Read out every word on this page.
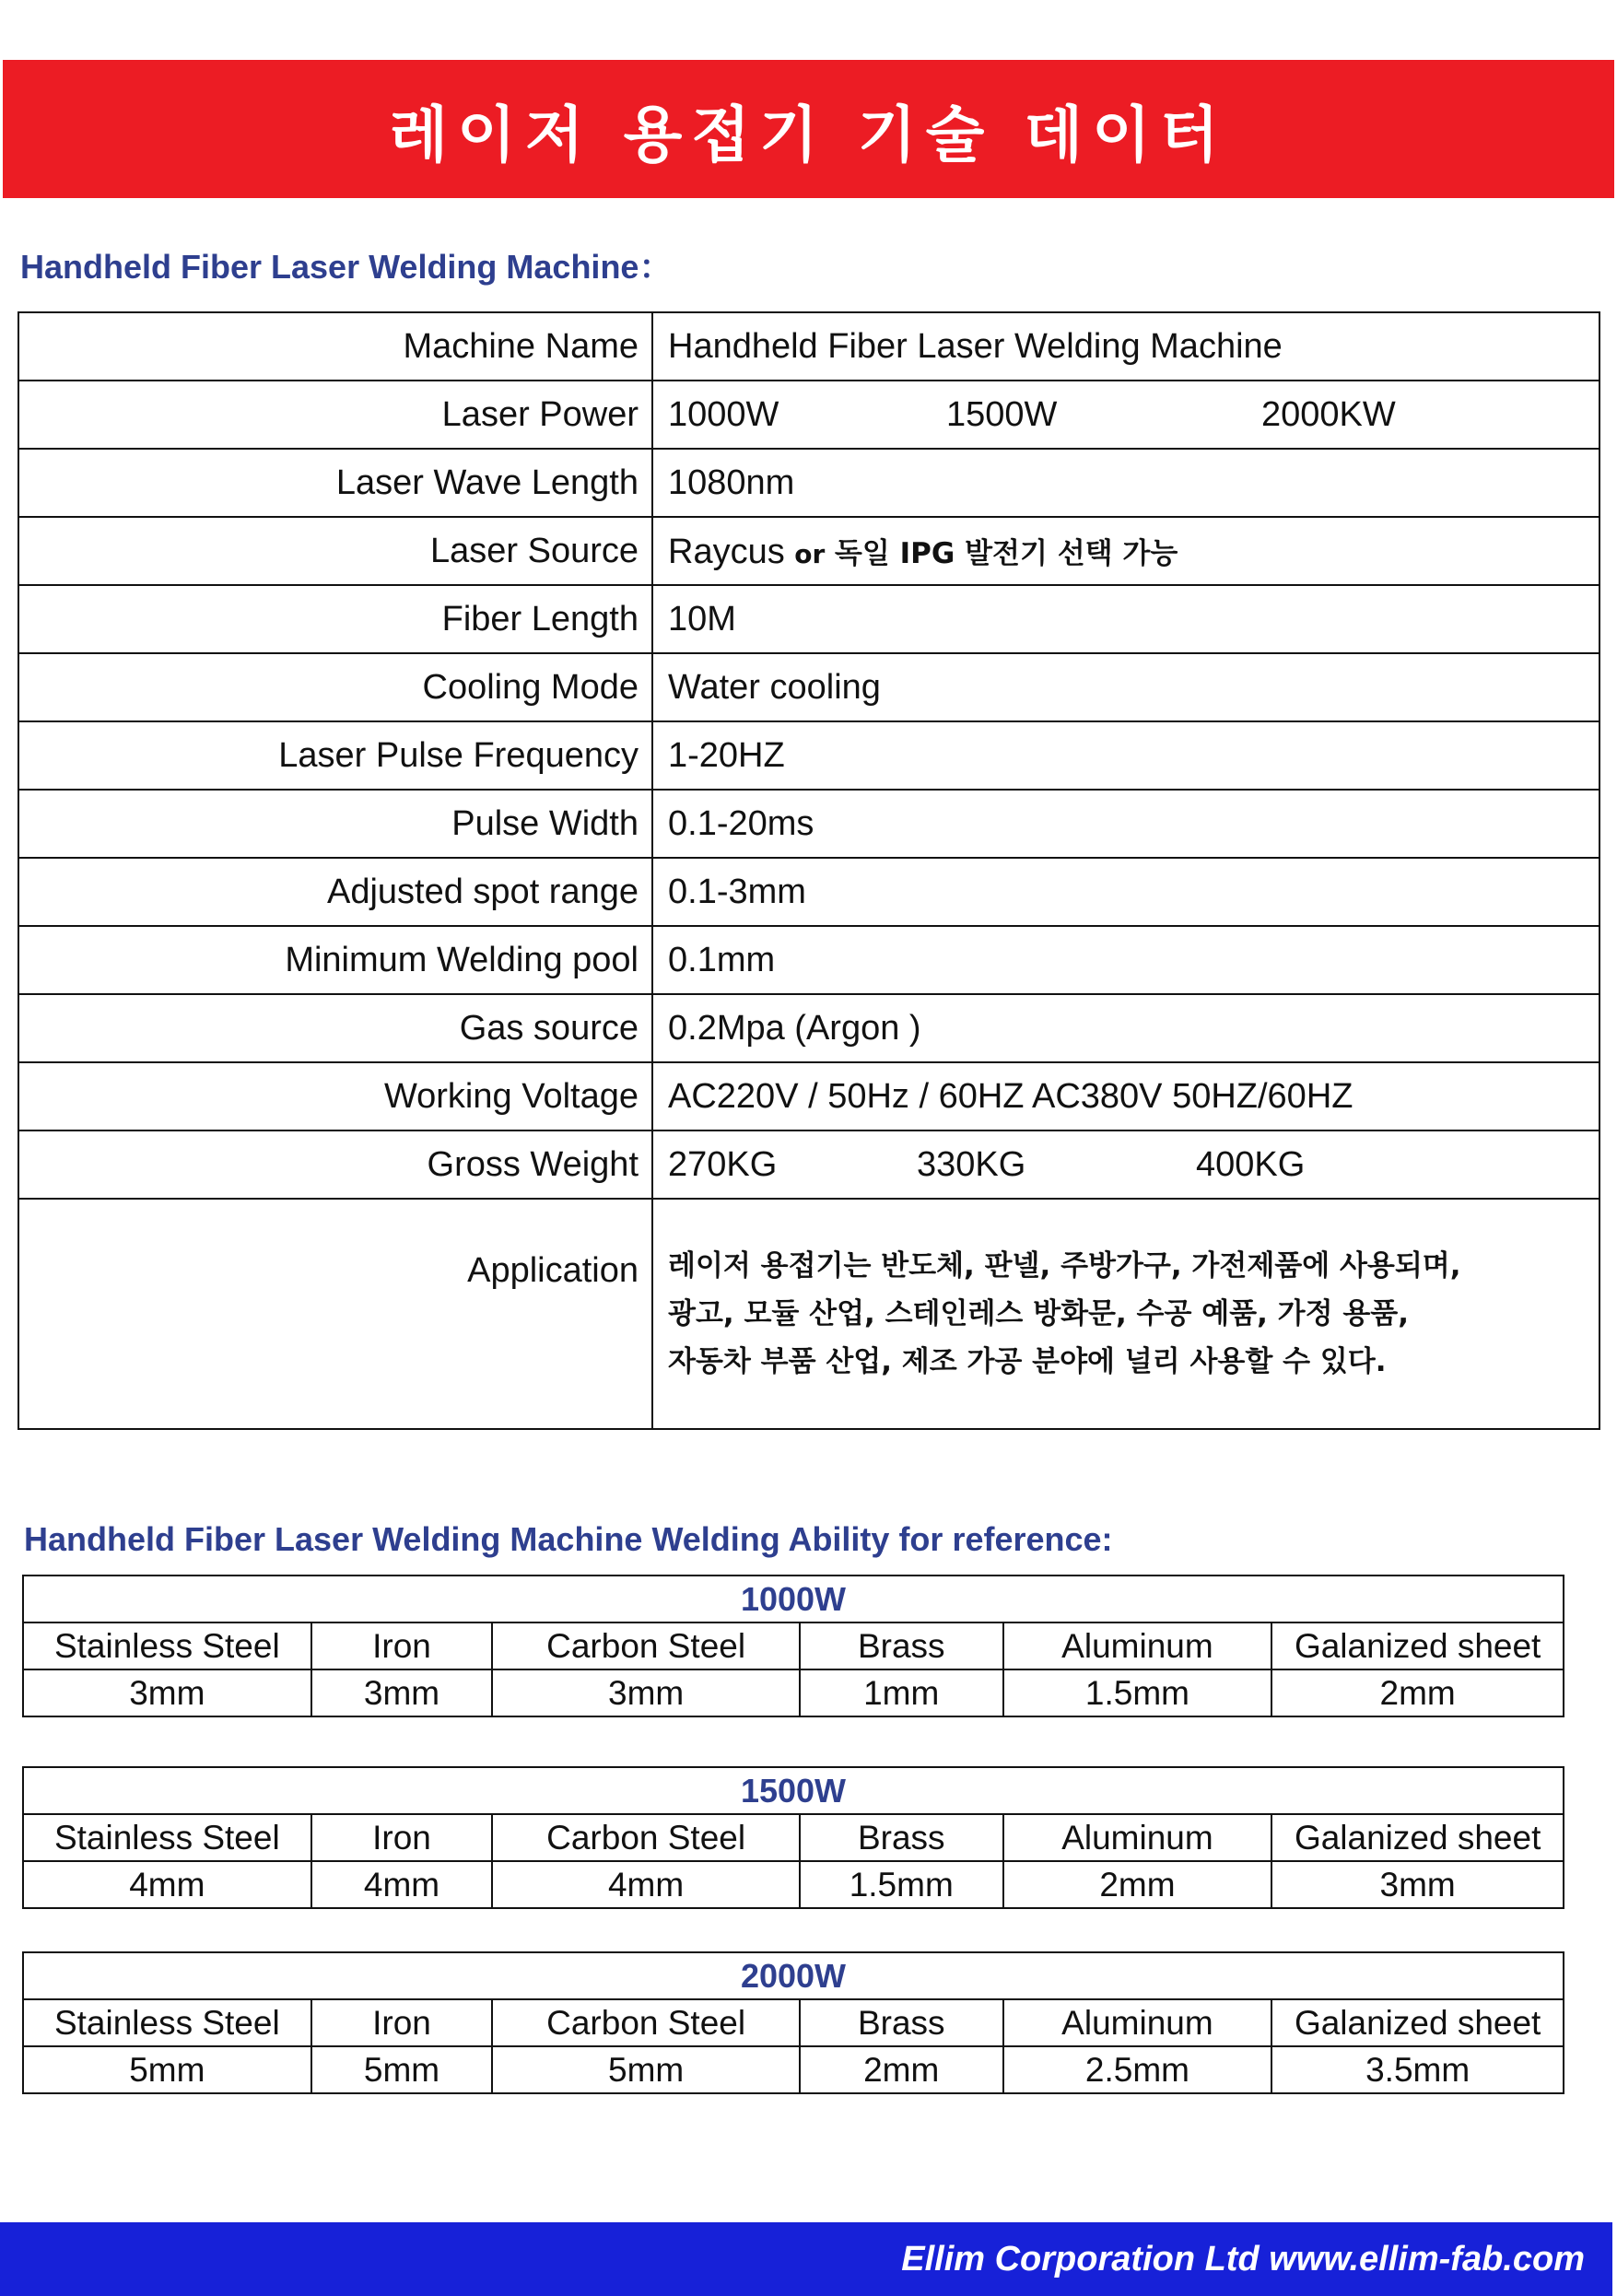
레이저 용접기 기술 데이터
Handheld Fiber Laser Welding Machine：
Machine Name	Handheld Fiber Laser Welding Machine
Laser Power	1000W 1500W 2000KW

Laser Wave Length	1080nm
Laser Source	Raycus or 독일 IPG 발전기 선택 가능
Fiber Length	10M
Cooling Mode	Water cooling
Laser Pulse Frequency	1-20HZ
Pulse Width	0.1-20ms
Adjusted spot range	0.1-3mm
Minimum Welding pool	0.1mm
Gas source	0.2Mpa (Argon )
Working Voltage	AC220V / 50Hz / 60HZ AC380V 50HZ/60HZ
Gross Weight	270KG 330KG 400KG

Application	레이저 용접기는 반도체, 판넬, 주방가구, 가전제품에 사용되며,
광고, 모듈 산업, 스테인레스 방화문, 수공 예품, 가정 용품,
자동차 부품 산업, 제조 가공 분야에 널리 사용할 수 있다.
Handheld Fiber Laser Welding Machine Welding Ability for reference:
1000W					
Stainless Steel	Iron	Carbon Steel	Brass	Aluminum	Galanized sheet
3mm	3mm	3mm	1mm	1.5mm	2mm
1500W					
Stainless Steel	Iron	Carbon Steel	Brass	Aluminum	Galanized sheet
4mm	4mm	4mm	1.5mm	2mm	3mm
2000W					
Stainless Steel	Iron	Carbon Steel	Brass	Aluminum	Galanized sheet
5mm	5mm	5mm	2mm	2.5mm	3.5mm
Ellim Corporation Ltd www.ellim-fab.com
